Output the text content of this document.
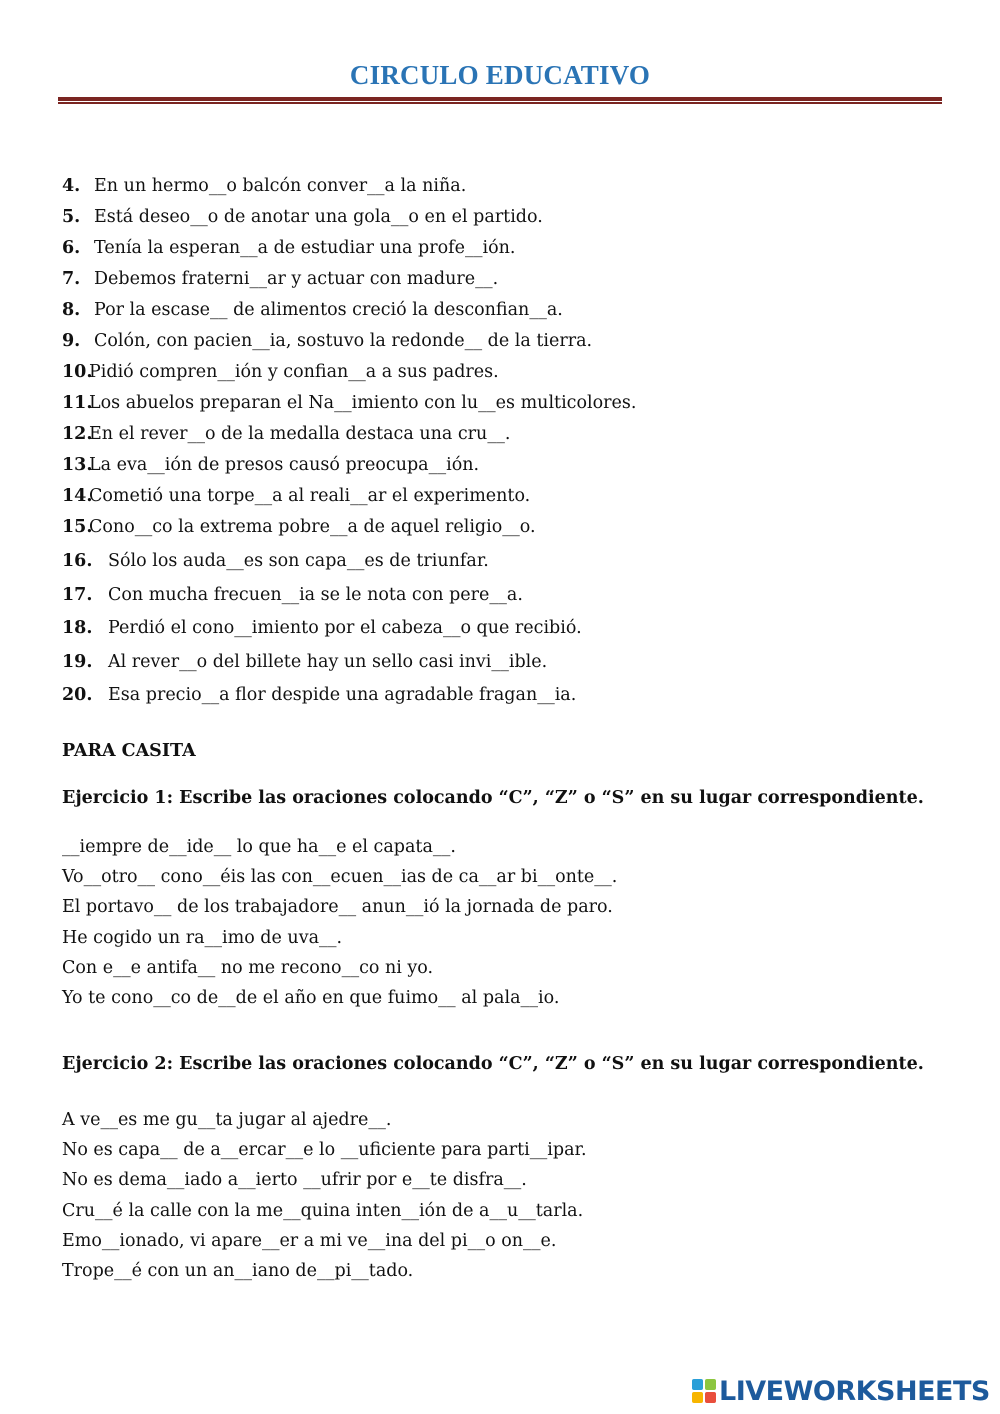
CIRCULO EDUCATIVO
4. En un hermo__o balcón conver__a la niña.
5. Está deseo__o de anotar una gola__o en el partido.
6. Tenía la esperan__a de estudiar una profe__ión.
7. Debemos fraterni__ar y actuar con madure__.
8. Por la escase__ de alimentos creció la desconfian__a.
9. Colón, con pacien__ia, sostuvo la redonde__ de la tierra.
10.
Pidió compren__ión y confian__a a sus padres.
11.
Los abuelos preparan el Na__imiento con lu__es multicolores.
12.
En el rever__o de la medalla destaca una cru__.
13.
La eva__ión de presos causó preocupa__ión.
14.
Cometió una torpe__a al reali__ar el experimento.
15.
Cono__co la extrema pobre__a de aquel religio__o.
16. Sólo los auda__es son capa__es de triunfar.
17. Con mucha frecuen__ia se le nota con pere__a.
18. Perdió el cono__imiento por el cabeza__o que recibió.
19. Al rever__o del billete hay un sello casi invi__ible.
20. Esa precio__a flor despide una agradable fragan__ia.
PARA CASITA
Ejercicio 1: Escribe las oraciones colocando “C”, “Z” o “S” en su lugar correspondiente.
__iempre de__ide__ lo que ha__e el capata__.
Vo__otro__ cono__éis las con__ecuen__ias de ca__ar bi__onte__.
El portavo__ de los trabajadore__ anun__ió la jornada de paro.
He cogido un ra__imo de uva__.
Con e__e antifa__ no me recono__co ni yo.
Yo te cono__co de__de el año en que fuimo__ al pala__io.
Ejercicio 2: Escribe las oraciones colocando “C”, “Z” o “S” en su lugar correspondiente.
A ve__es me gu__ta jugar al ajedre__.
No es capa__ de a__ercar__e lo __uficiente para parti__ipar.
No es dema__iado a__ierto __ufrir por e__te disfra__.
Cru__é la calle con la me__quina inten__ión de a__u__tarla.
Emo__ionado, vi apare__er a mi ve__ina del pi__o on__e.
Trope__é con un an__iano de__pi__tado.
LIVEWORKSHEETS
